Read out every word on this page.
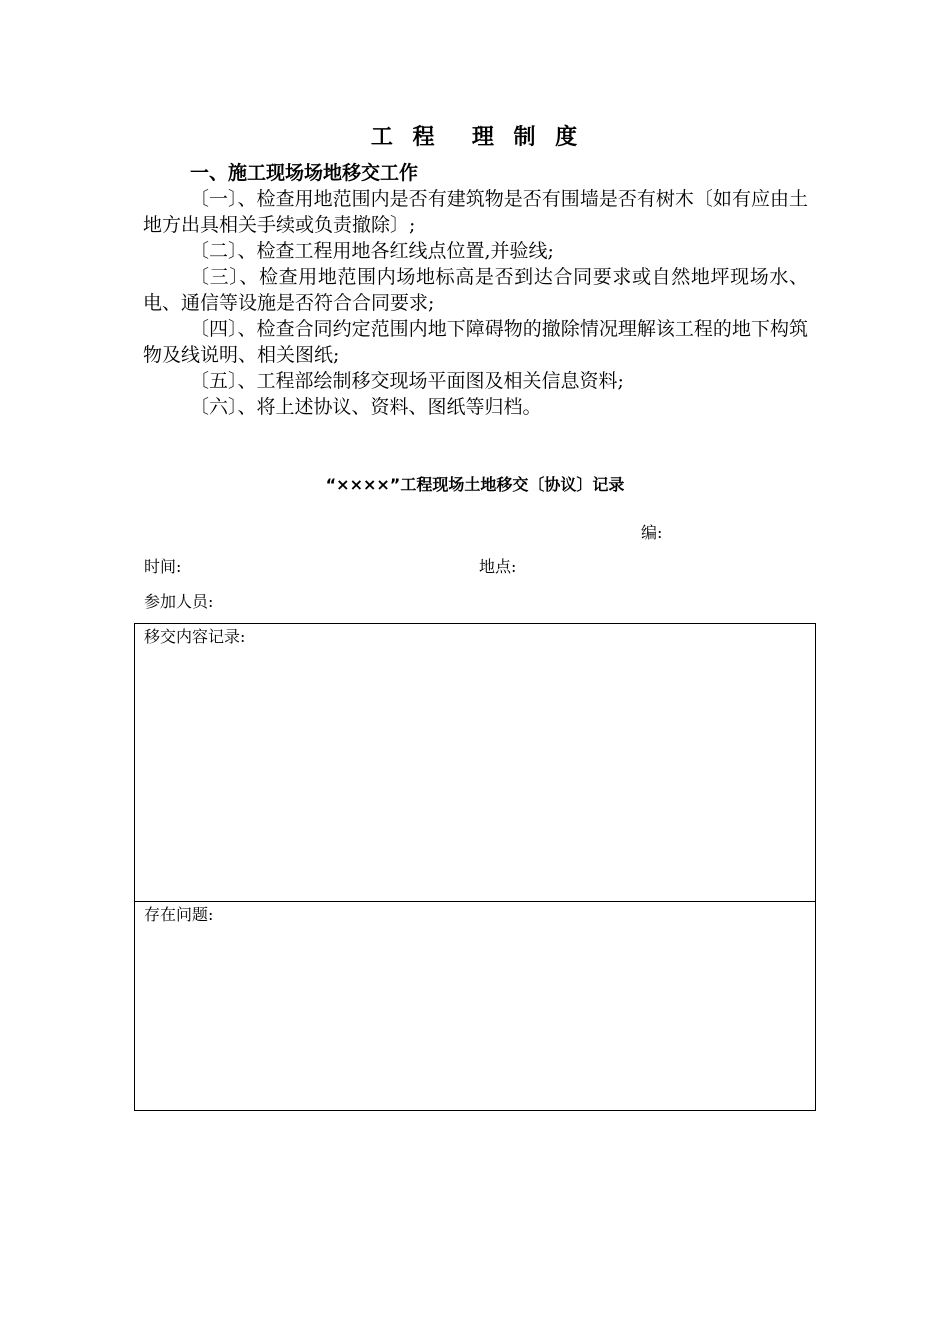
工 程  理 制 度
一、施工现场场地移交工作

〔一〕、检查用地范围内是否有建筑物是否有围墙是否有树木〔如有应由土地方出具相关手续或负责撤除〕;

〔二〕、检查工程用地各红线点位置,并验线;

〔三〕、检查用地范围内场地标高是否到达合同要求或自然地坪现场水、电、通信等设施是否符合合同要求;

〔四〕、检查合同约定范围内地下障碍物的撤除情况理解该工程的地下构筑物及线说明、相关图纸;

〔五〕、工程部绘制移交现场平面图及相关信息资料;

〔六〕、将上述协议、资料、图纸等归档。

“××××”工程现场土地移交〔协议〕记录
编:
时间:	地点:
参加人员:
移交内容记录:
存在问题:
